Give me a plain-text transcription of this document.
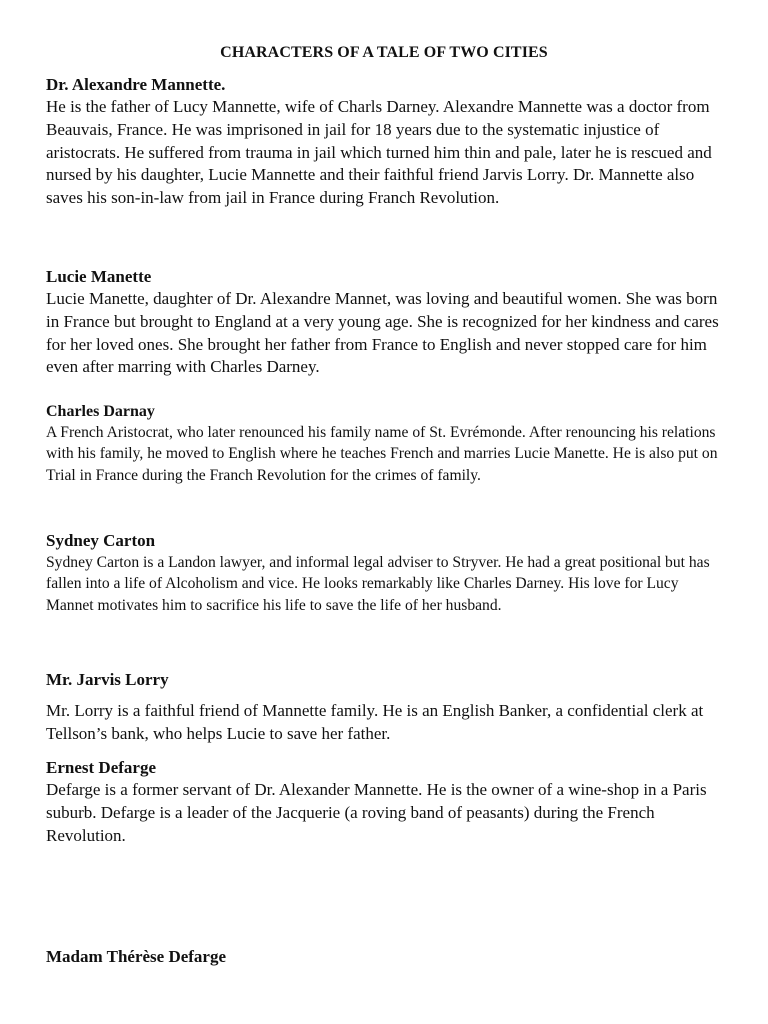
CHARACTERS OF A TALE OF TWO CITIES

Dr. Alexandre Mannette.

He is the father of Lucy Mannette, wife of Charls Darney. Alexandre Mannette was a doctor from Beauvais, France. He was imprisoned in jail for 18 years due to the systematic injustice of aristocrats. He suffered from trauma in jail which turned him thin and pale, later he is rescued and nursed by his daughter, Lucie Mannette and their faithful friend Jarvis Lorry. Dr. Mannette also saves his son-in-law from jail in France during Franch Revolution.

Lucie Manette

Lucie Manette, daughter of Dr. Alexandre Mannet, was loving and beautiful women. She was born in France but brought to England at a very young age. She is recognized for her kindness and cares for her loved ones. She brought her father from France to English and never stopped care for him even after marring with Charles Darney.

Charles Darnay

A French Aristocrat, who later renounced his family name of St. Evrémonde. After renouncing his relations with his family, he moved to English where he teaches French and marries Lucie Manette. He is also put on Trial in France during the Franch Revolution for the crimes of family.

Sydney Carton

Sydney Carton is a Landon lawyer, and informal legal adviser to Stryver. He had a great positional but has fallen into a life of Alcoholism and vice. He looks remarkably like Charles Darney. His love for Lucy Mannet motivates him to sacrifice his life to save the life of her husband.

Mr. Jarvis Lorry

Mr. Lorry is a faithful friend of Mannette family. He is an English Banker, a confidential clerk at Tellson’s bank, who helps Lucie to save her father.

Ernest Defarge

Defarge is a former servant of Dr. Alexander Mannette. He is the owner of a wine-shop in a Paris suburb. Defarge is a leader of the Jacquerie (a roving band of peasants) during the French Revolution.

Madam Thérèse Defarge
